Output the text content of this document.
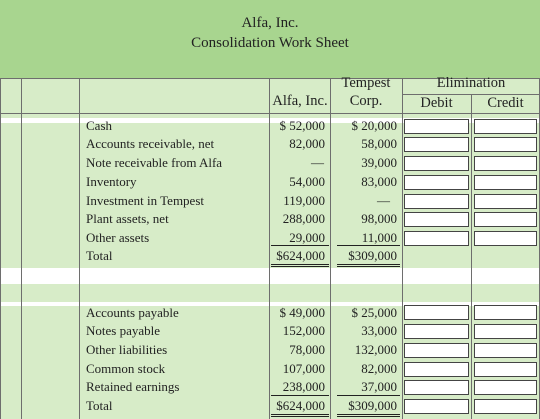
Alfa, Inc.
Consolidation Work Sheet
Alfa, Inc.
Tempest
Corp.
Elimination
Debit	Credit
Cash	$ 52,000 $ 20,000
Accounts receivable, net	82,000	58,000
Note receivable from Alfa	—	39,000
Inventory	54,000	83,000
Investment in Tempest	119,000	—
Plant assets, net	288,000	98,000
Other assets	29,000	11,000
Total	$624,000 $309,000
Accounts payable	$ 49,000 $ 25,000
Notes payable	152,000	33,000
Other liabilities	78,000 132,000
Common stock	107,000	82,000
Retained earnings	238,000	37,000
Total	$624,000 $309,000
